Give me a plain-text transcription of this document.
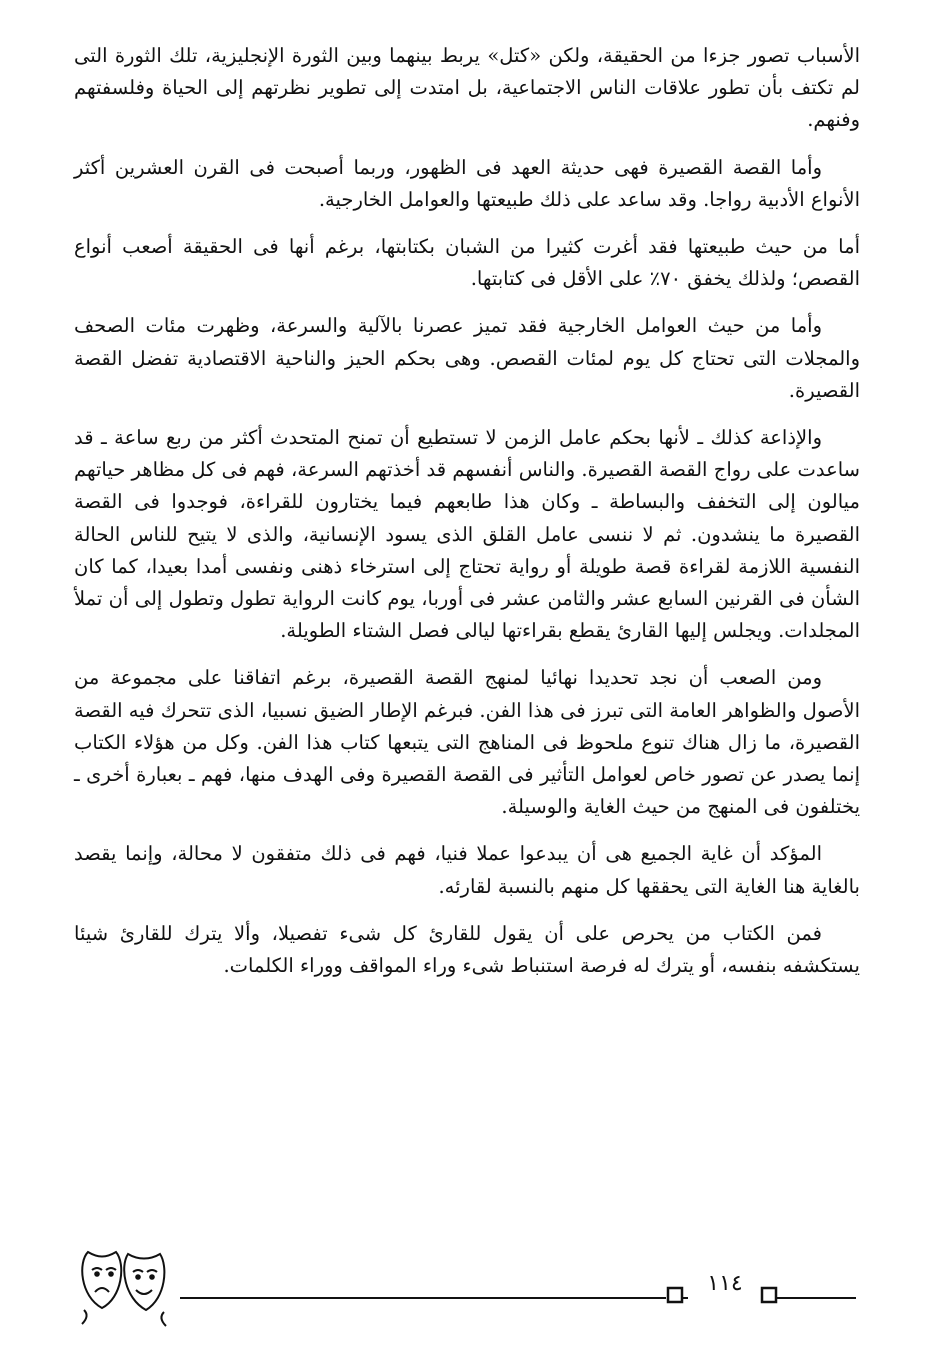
الأسباب تصور جزءا من الحقيقة، ولكن «كتل» يربط بينهما وبين الثورة الإنجليزية، تلك الثورة التى لم تكتف بأن تطور علاقات الناس الاجتماعية، بل امتدت إلى تطوير نظرتهم إلى الحياة وفلسفتهم وفنهم.

وأما القصة القصيرة فهى حديثة العهد فى الظهور، وربما أصبحت فى القرن العشرين أكثر الأنواع الأدبية رواجا. وقد ساعد على ذلك طبيعتها والعوامل الخارجية.

أما من حيث طبيعتها فقد أغرت كثيرا من الشبان بكتابتها، برغم أنها فى الحقيقة أصعب أنواع القصص؛ ولذلك يخفق ٧٠٪ على الأقل فى كتابتها.

وأما من حيث العوامل الخارجية فقد تميز عصرنا بالآلية والسرعة، وظهرت مئات الصحف والمجلات التى تحتاج كل يوم لمئات القصص. وهى بحكم الحيز والناحية الاقتصادية تفضل القصة القصيرة.

والإذاعة كذلك ـ لأنها بحكم عامل الزمن لا تستطيع أن تمنح المتحدث أكثر من ربع ساعة ـ قد ساعدت على رواج القصة القصيرة. والناس أنفسهم قد أخذتهم السرعة، فهم فى كل مظاهر حياتهم ميالون إلى التخفف والبساطة ـ وكان هذا طابعهم فيما يختارون للقراءة، فوجدوا فى القصة القصيرة ما ينشدون. ثم لا ننسى عامل القلق الذى يسود الإنسانية، والذى لا يتيح للناس الحالة النفسية اللازمة لقراءة قصة طويلة أو رواية تحتاج إلى استرخاء ذهنى ونفسى أمدا بعيدا، كما كان الشأن فى القرنين السابع عشر والثامن عشر فى أوربا، يوم كانت الرواية تطول وتطول إلى أن تملأ المجلدات. ويجلس إليها القارئ يقطع بقراءتها ليالى فصل الشتاء الطويلة.

ومن الصعب أن نجد تحديدا نهائيا لمنهج القصة القصيرة، برغم اتفاقنا على مجموعة من الأصول والظواهر العامة التى تبرز فى هذا الفن. فبرغم الإطار الضيق نسبيا، الذى تتحرك فيه القصة القصيرة، ما زال هناك تنوع ملحوظ فى المناهج التى يتبعها كتاب هذا الفن. وكل من هؤلاء الكتاب إنما يصدر عن تصور خاص لعوامل التأثير فى القصة القصيرة وفى الهدف منها، فهم ـ بعبارة أخرى ـ يختلفون فى المنهج من حيث الغاية والوسيلة.

المؤكد أن غاية الجميع هى أن يبدعوا عملا فنيا، فهم فى ذلك متفقون لا محالة، وإنما يقصد بالغاية هنا الغاية التى يحققها كل منهم بالنسبة لقارئه.

فمن الكتاب من يحرص على أن يقول للقارئ كل شىء تفصيلا، وألا يترك للقارئ شيئا يستكشفه بنفسه، أو يترك له فرصة استنباط شىء وراء المواقف ووراء الكلمات.

١١٤
